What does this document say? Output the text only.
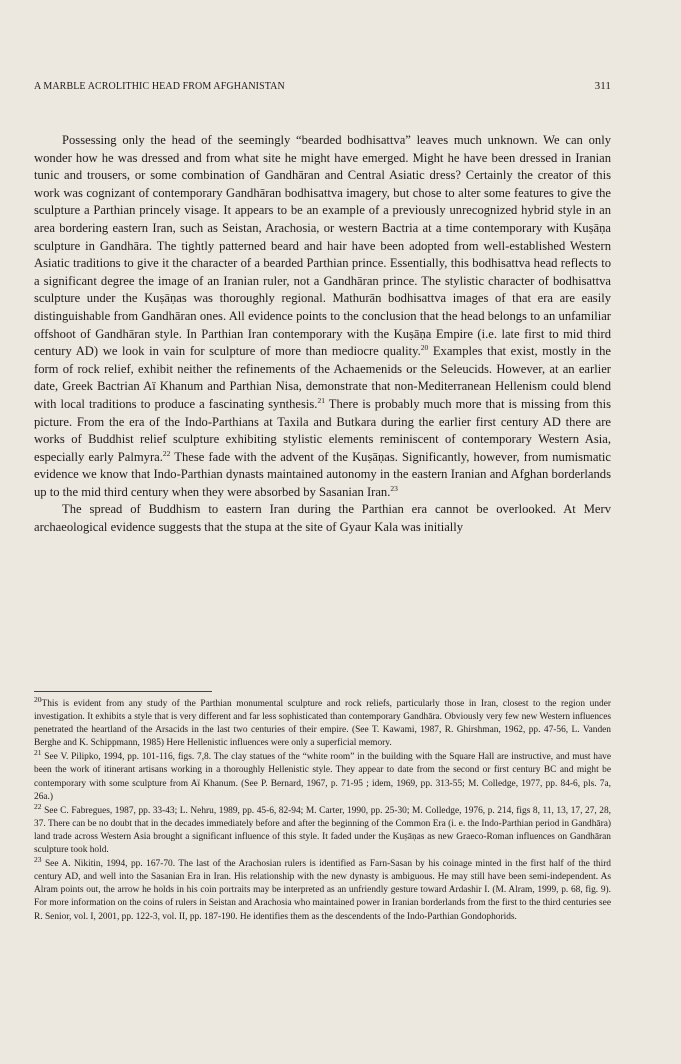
A MARBLE ACROLITHIC HEAD FROM AFGHANISTAN	311

Possessing only the head of the seemingly “bearded bodhisattva” leaves much unknown. We can only wonder how he was dressed and from what site he might have emerged. Might he have been dressed in Iranian tunic and trousers, or some combination of Gandhāran and Central Asiatic dress? Certainly the creator of this work was cognizant of contemporary Gandhāran bodhisattva imagery, but chose to alter some features to give the sculpture a Parthian princely visage. It appears to be an example of a previously unrecognized hybrid style in an area bordering eastern Iran, such as Seistan, Arachosia, or western Bactria at a time contemporary with Kuṣāṇa sculpture in Gandhāra. The tightly patterned beard and hair have been adopted from well-established Western Asiatic traditions to give it the character of a bearded Parthian prince. Essentially, this bodhisattva head reflects to a significant degree the image of an Iranian ruler, not a Gandhāran prince. The stylistic character of bodhisattva sculpture under the Kuṣāṇas was thoroughly regional. Mathurān bodhisattva images of that era are easily distinguishable from Gandhāran ones. All evidence points to the conclusion that the head belongs to an unfamiliar offshoot of Gandhāran style. In Parthian Iran contemporary with the Kuṣāṇa Empire (i.e. late first to mid third century AD) we look in vain for sculpture of more than mediocre quality.$^{20}$ Examples that exist, mostly in the form of rock relief, exhibit neither the refinements of the Achaemenids or the Seleucids. However, at an earlier date, Greek Bactrian Aï Khanum and Parthian Nisa, demonstrate that non-Mediterranean Hellenism could blend with local traditions to produce a fascinating synthesis.$^{21}$ There is probably much more that is missing from this picture. From the era of the Indo-Parthians at Taxila and Butkara during the earlier first century AD there are works of Buddhist relief sculpture exhibiting stylistic elements reminiscent of contemporary Western Asia, especially early Palmyra.$^{22}$ These fade with the advent of the Kuṣāṇas. Significantly, however, from numismatic evidence we know that Indo-Parthian dynasts maintained autonomy in the eastern Iranian and Afghan borderlands up to the mid third century when they were absorbed by Sasanian Iran.$^{23}$

The spread of Buddhism to eastern Iran during the Parthian era cannot be overlooked. At Merv archaeological evidence suggests that the stupa at the site of Gyaur Kala was initially

$^{20}$This is evident from any study of the Parthian monumental sculpture and rock reliefs, particularly those in Iran, closest to the region under investigation. It exhibits a style that is very different and far less sophisticated than contemporary Gandhāra. Obviously very few new Western influences penetrated the heartland of the Arsacids in the last two centuries of their empire. (See T. Kawami, 1987, R. Ghirshman, 1962, pp. 47-56, L. Vanden Berghe and K. Schippmann, 1985) Here Hellenistic influences were only a superficial memory.

$^{21}$ See V. Pilipko, 1994, pp. 101-116, figs. 7,8. The clay statues of the “white room” in the building with the Square Hall are instructive, and must have been the work of itinerant artisans working in a thoroughly Hellenistic style. They appear to date from the second or first century BC and might be contemporary with some sculpture from Aï Khanum. (See P. Bernard, 1967, p. 71-95 ; idem, 1969, pp. 313-55; M. Colledge, 1977, pp. 84-6, pls. 7a, 26a.)

$^{22}$ See C. Fabregues, 1987, pp. 33-43; L. Nehru, 1989, pp. 45-6, 82-94; M. Carter, 1990, pp. 25-30; M. Colledge, 1976, p. 214, figs 8, 11, 13, 17, 27, 28, 37. There can be no doubt that in the decades immediately before and after the beginning of the Common Era (i. e. the Indo-Parthian period in Gandhāra) land trade across Western Asia brought a significant influence of this style. It faded under the Kuṣāṇas as new Graeco-Roman influences on Gandhāran sculpture took hold.

$^{23}$ See A. Nikitin, 1994, pp. 167-70. The last of the Arachosian rulers is identified as Farn-Sasan by his coinage minted in the first half of the third century AD, and well into the Sasanian Era in Iran. His relationship with the new dynasty is ambiguous. He may still have been semi-independent. As Alram points out, the arrow he holds in his coin portraits may be interpreted as an unfriendly gesture toward Ardashir I. (M. Alram, 1999, p. 68, fig. 9). For more information on the coins of rulers in Seistan and Arachosia who maintained power in Iranian borderlands from the first to the third centuries see R. Senior, vol. I, 2001, pp. 122-3, vol. II, pp. 187-190. He identifies them as the descendents of the Indo-Parthian Gondophorids.
